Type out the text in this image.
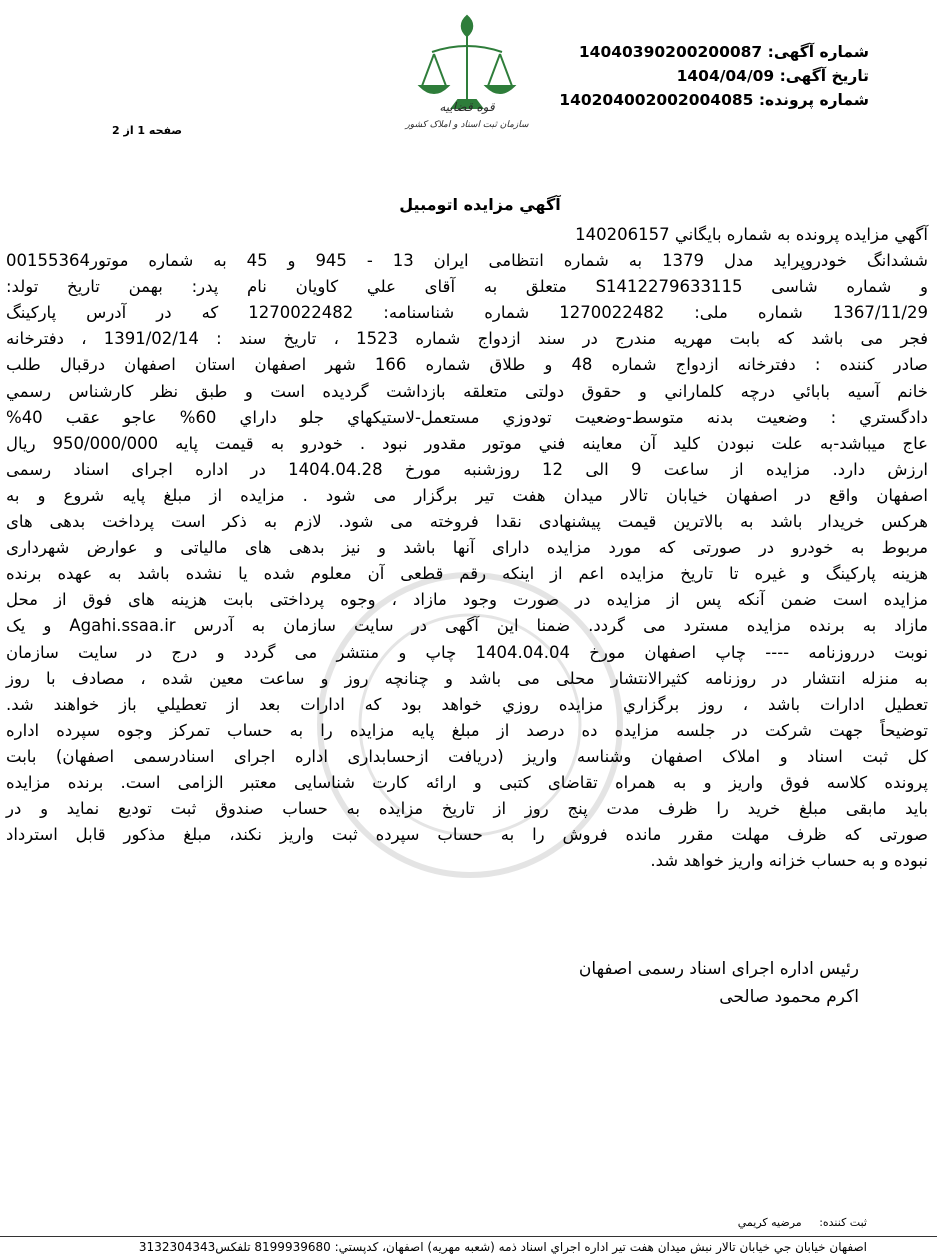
قوه قضاییه
سازمان ثبت اسناد و املاک کشور
شماره آگهی: 14040390200200087
تاریخ آگهی: 1404/04/09
شماره پرونده: 140204002002004085
صفحه 1 از 2
آگهي مزايده اتومبيل
آگهي مزايده پرونده به شماره بايگاني 140206157
ششدانگ خودروپراید مدل 1379 به شماره انتظامی ایران 13 - 945 و 45 به شماره موتور00155364
و شماره شاسی S1412279633115 متعلق به آقای علي کاويان نام پدر: بهمن تاريخ تولد:
1367/11/29 شماره ملی: 1270022482 شماره شناسنامه: 1270022482 که در آدرس پارکینگ
فجر می باشد که بابت مهریه مندرج در سند ازدواج شماره 1523 ، تاریخ سند : 1391/02/14 ، دفترخانه
صادر کننده : دفترخانه ازدواج شماره 48 و طلاق شماره 166 شهر اصفهان استان اصفهان درقبال طلب
خانم آسيه بابائي درچه کلماراني و حقوق دولتی متعلقه بازداشت گردیده است و طبق نظر کارشناس رسمي
دادگستري : وضعيت بدنه متوسط-وضعيت تودوزي مستعمل-لاستيکهاي جلو داراي 60% عاجو عقب 40%
عاج ميباشد-به علت نبودن کليد آن معاينه فني موتور مقدور نبود . خودرو به قیمت پایه 950/000/000 ریال
ارزش دارد. مزایده از ساعت 9 الی 12 روزشنبه مورخ 1404.04.28 در اداره اجرای اسناد رسمی
اصفهان واقع در اصفهان خيابان تالار ميدان هفت تير برگزار می شود . مزایده از مبلغ پایه شروع و به
هرکس خریدار باشد به بالاترین قیمت پیشنهادی نقدا فروخته می شود. لازم به ذکر است پرداخت بدهی های
مربوط به خودرو در صورتی که مورد مزایده دارای آنها باشد و نیز بدهی های مالیاتی و عوارض شهرداری
هزینه پارکینگ و غیره تا تاریخ مزایده اعم از اینکه رقم قطعی آن معلوم شده یا نشده باشد به عهده برنده
مزایده است ضمن آنکه پس از مزایده در صورت وجود مازاد ، وجوه پرداختی بابت هزینه های فوق از محل
مازاد به برنده مزایده مسترد می گردد. ضمنا این آگهی در سایت سازمان به آدرس Agahi.ssaa.ir و یک
نوبت درروزنامه ---- چاپ اصفهان مورخ 1404.04.04 چاپ و منتشر می گردد و درج در سایت سازمان
به منزله انتشار در روزنامه کثیرالانتشار محلی می باشد و چنانچه روز و ساعت معین شده ، مصادف با روز
تعطیل ادارات باشد ، روز برگزاري مزايده روزي خواهد بود كه ادارات بعد از تعطيلي باز خواهند شد.
توضیحاً جهت شرکت در جلسه مزایده ده درصد از مبلغ پایه مزایده را به حساب تمرکز وجوه سپرده اداره
کل ثبت اسناد و املاک اصفهان وشناسه واریز (دریافت ازحسابداری اداره اجرای اسنادرسمی اصفهان) بابت
پرونده کلاسه فوق واریز و به همراه تقاضای کتبی و ارائه کارت شناسایی معتبر الزامی است. برنده مزایده
باید مابقی مبلغ خرید را ظرف مدت پنج روز از تاریخ مزایده به حساب صندوق ثبت تودیع نماید و در
صورتی که ظرف مهلت مقرر مانده فروش را به حساب سپرده ثبت واریز نکند، مبلغ مذکور قابل استرداد
نبوده و به حساب خزانه واریز خواهد شد.
رئیس اداره اجرای اسناد رسمی اصفهان
اکرم محمود صالحی
ثبت کننده: مرضيه کريمي
اصفهان خيابان جي خيابان تالار نبش ميدان هفت تير اداره اجراي اسناد ذمه (شعبه مهريه) اصفهان، کدپستي: 8199939680 تلفکس3132304343
